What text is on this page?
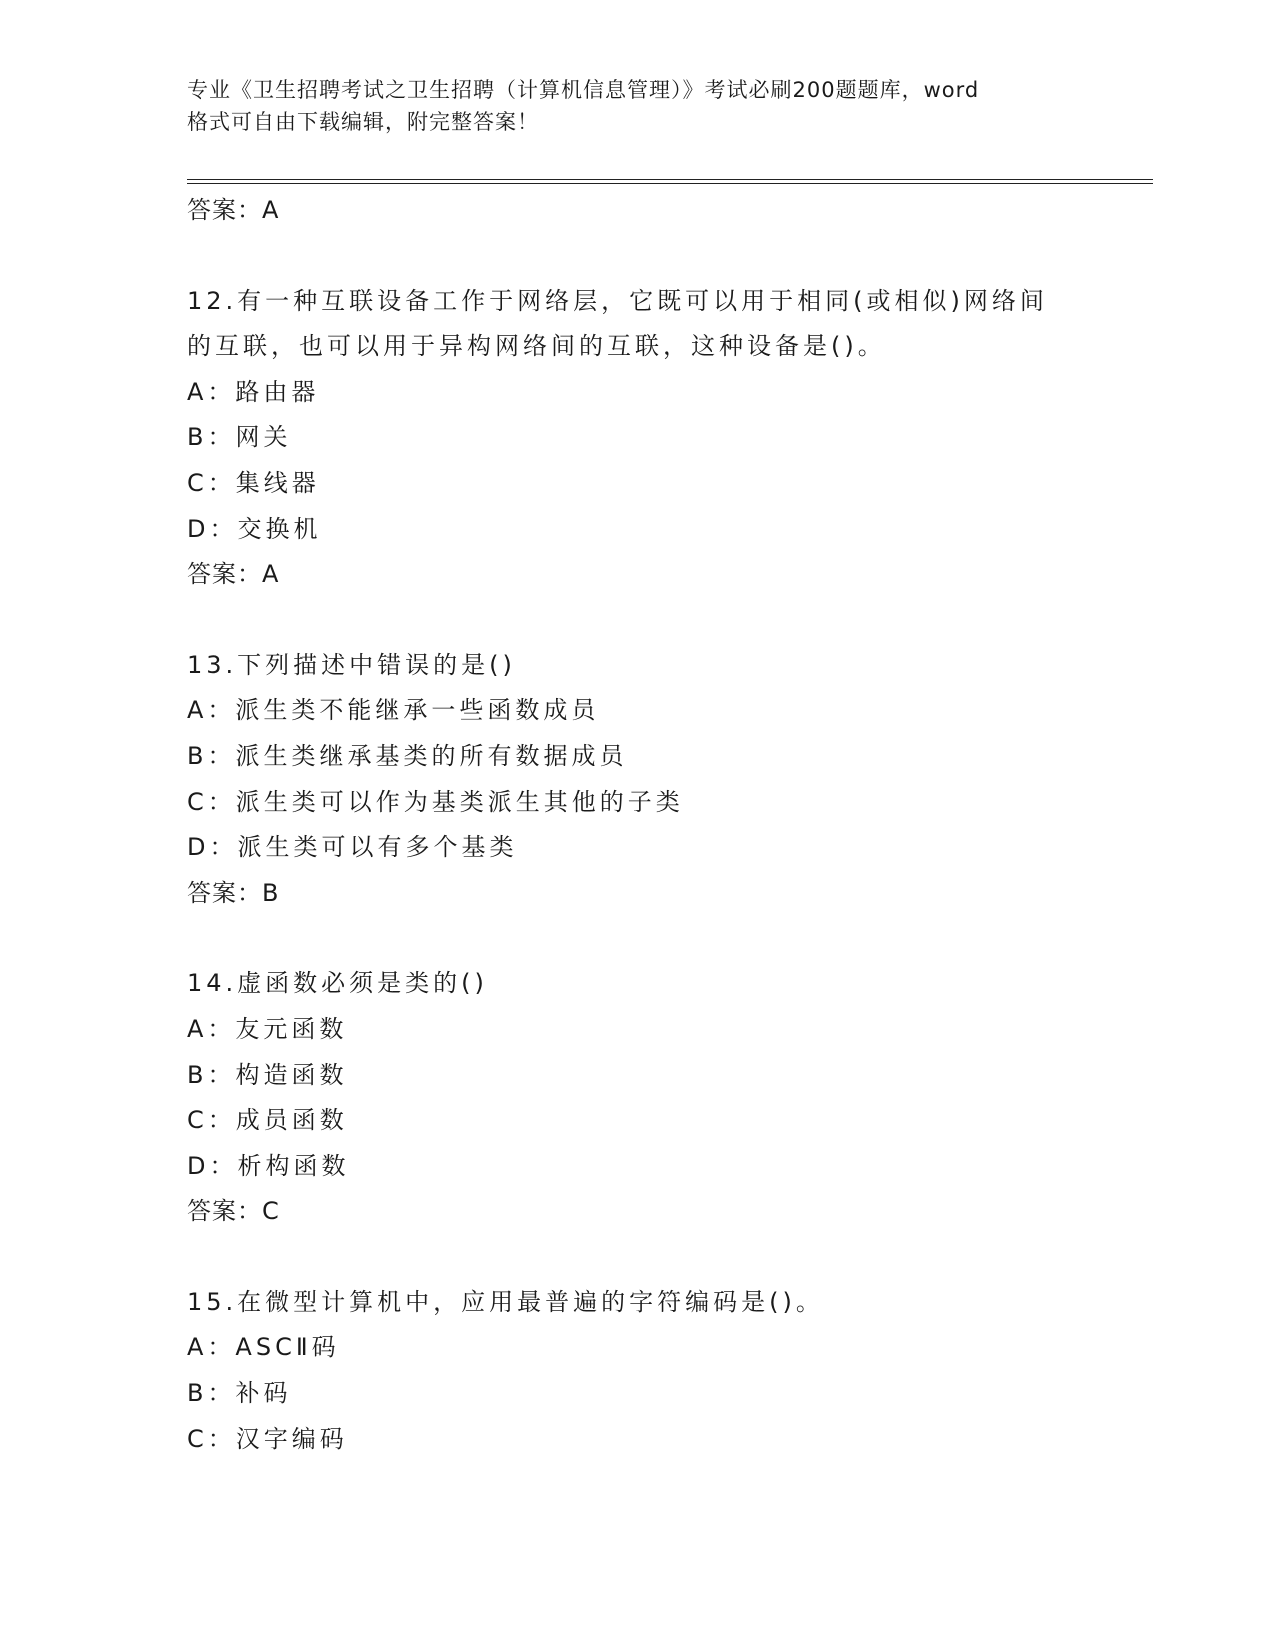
专业《卫生招聘考试之卫生招聘（计算机信息管理）》考试必刷200题题库，word
格式可自由下载编辑，附完整答案！
答案：A
12.有一种互联设备工作于网络层，它既可以用于相同(或相似)网络间
的互联，也可以用于异构网络间的互联，这种设备是()。
A：路由器
B：网关
C：集线器
D：交换机
答案：A
13.下列描述中错误的是()
A：派生类不能继承一些函数成员
B：派生类继承基类的所有数据成员
C：派生类可以作为基类派生其他的子类
D：派生类可以有多个基类
答案：B
14.虚函数必须是类的()
A：友元函数
B：构造函数
C：成员函数
D：析构函数
答案：C
15.在微型计算机中，应用最普遍的字符编码是()。
A：ASCⅡ码
B：补码
C：汉字编码
